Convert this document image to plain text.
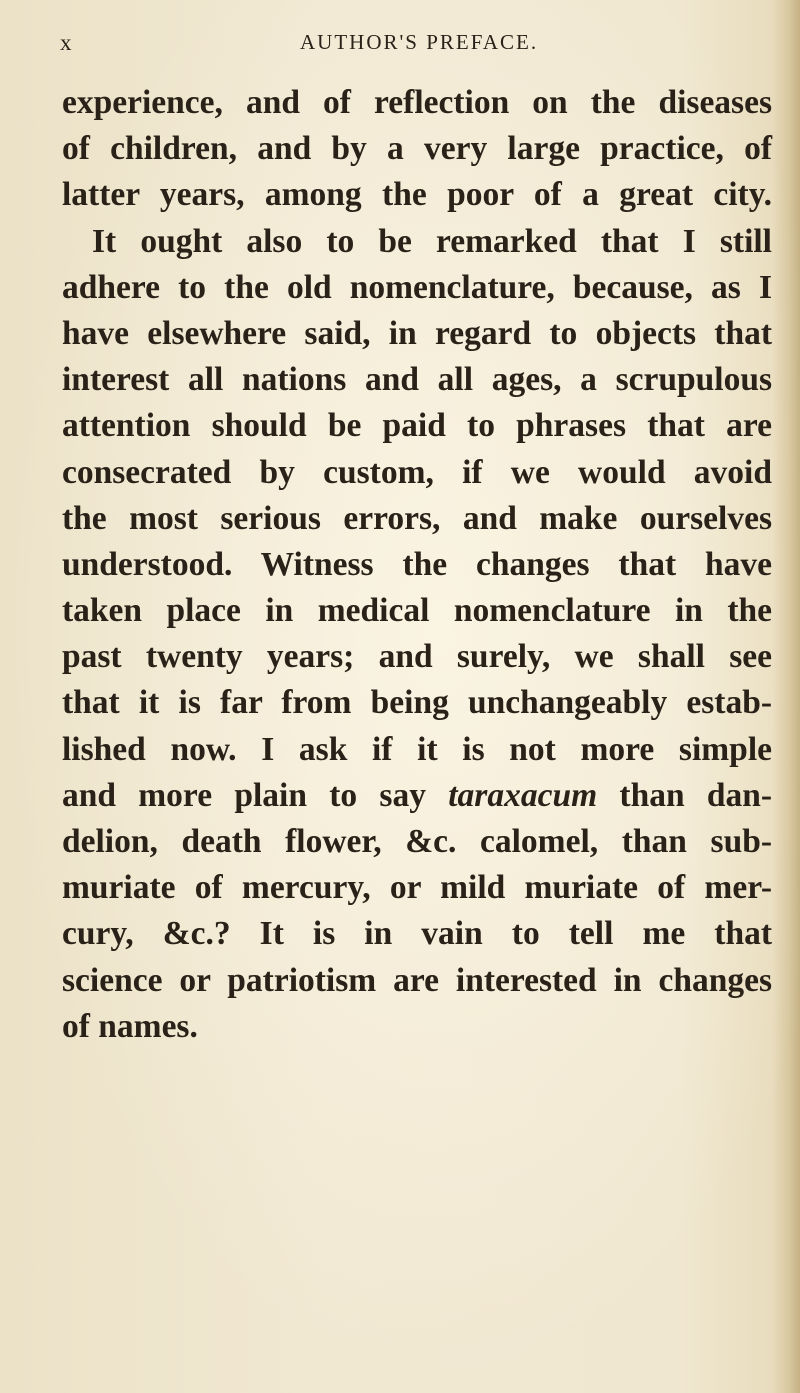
x	AUTHOR'S PREFACE.
experience, and of reflection on the diseases
of children, and by a very large practice, of
latter years, among the poor of a great city.
It ought also to be remarked that I still
adhere to the old nomenclature, because, as I
have elsewhere said, in regard to objects that
interest all nations and all ages, a scrupulous
attention should be paid to phrases that are
consecrated by custom, if we would avoid
the most serious errors, and make ourselves
understood. Witness the changes that have
taken place in medical nomenclature in the
past twenty years; and surely, we shall see
that it is far from being unchangeably estab-
lished now. I ask if it is not more simple
and more plain to say taraxacum than dan-
delion, death flower, &c. calomel, than sub-
muriate of mercury, or mild muriate of mer-
cury, &c.? It is in vain to tell me that
science or patriotism are interested in changes
of names.
